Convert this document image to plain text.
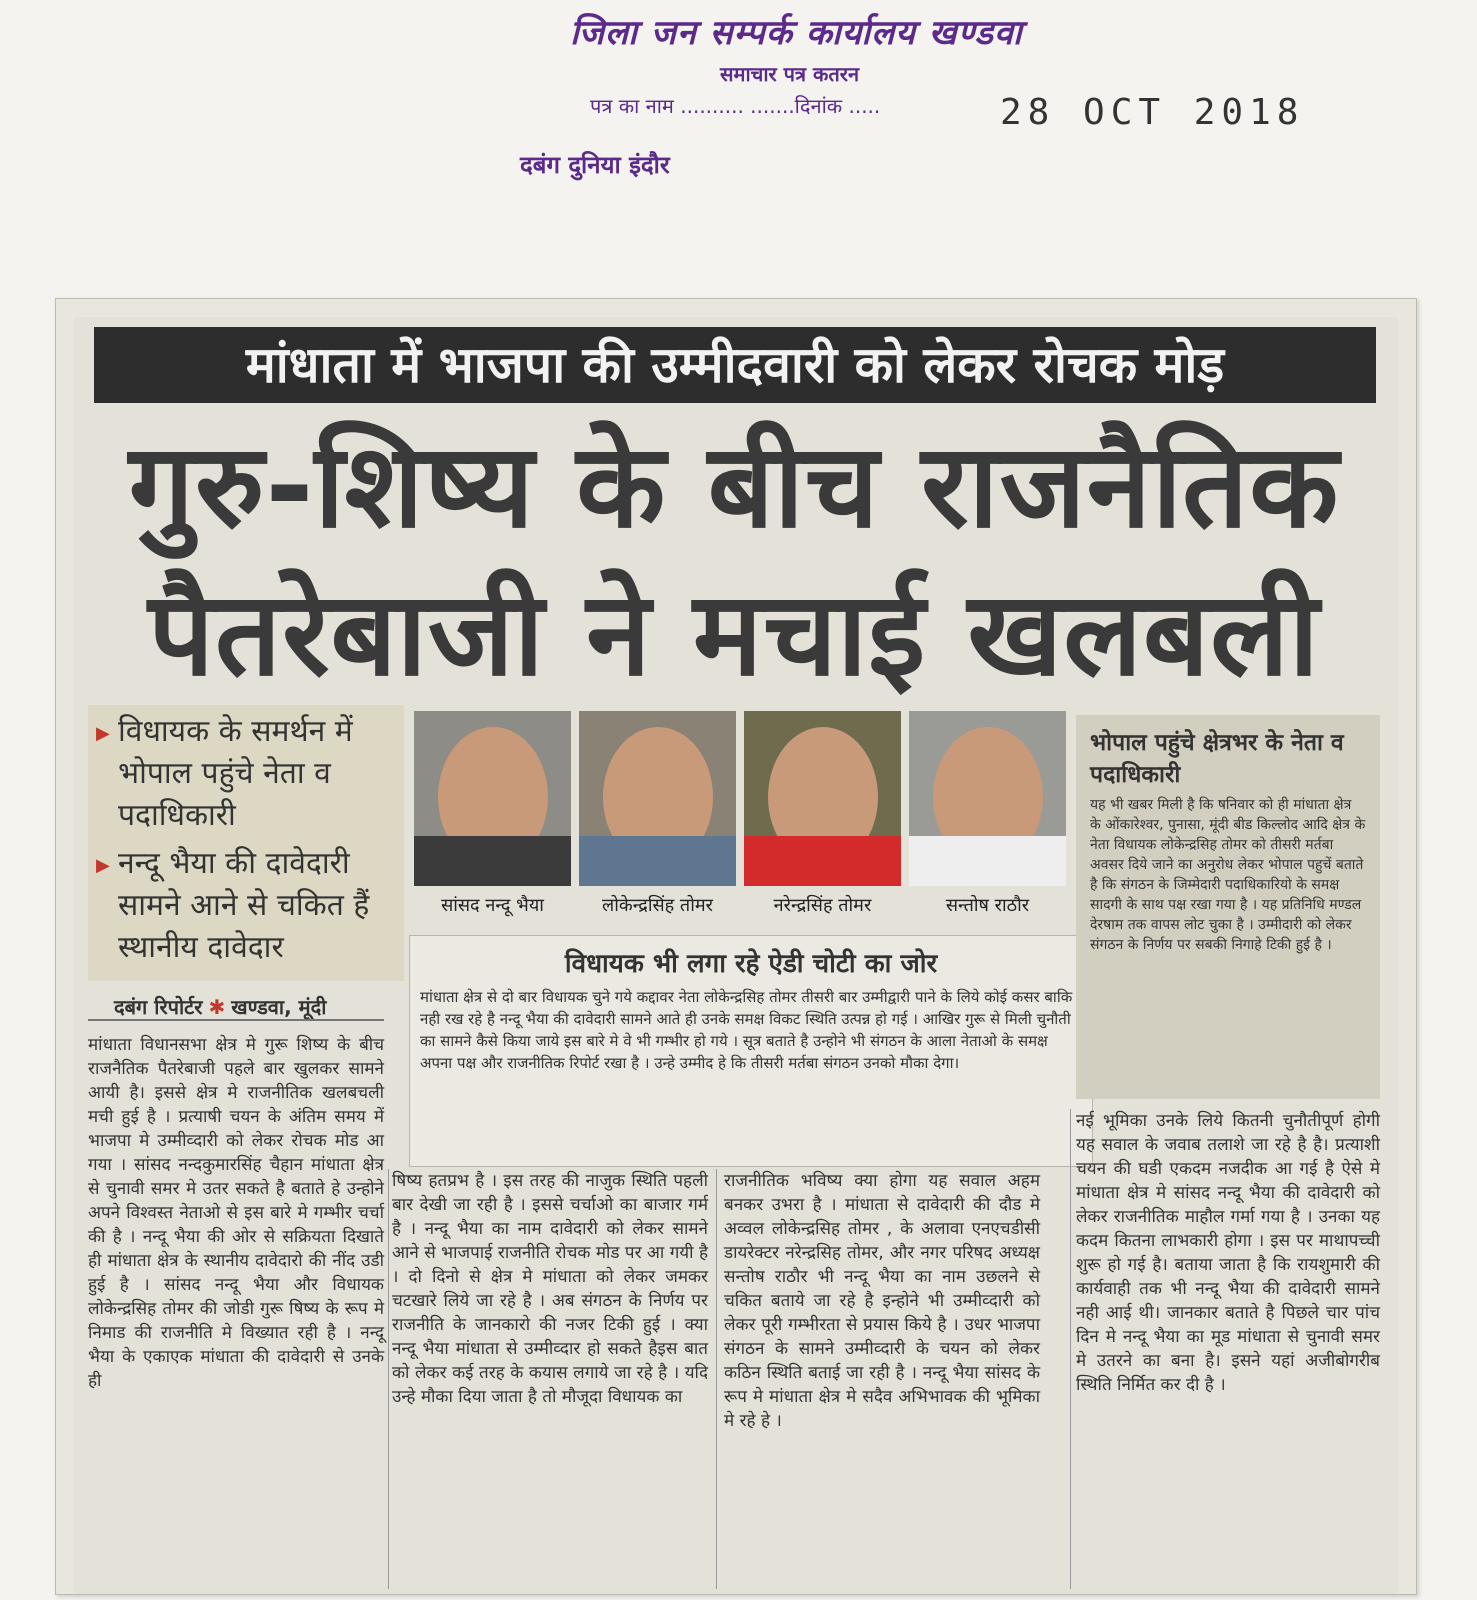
जिला जन सम्पर्क कार्यालय खण्डवा
समाचार पत्र कतरन
पत्र का नाम .......... .......दिनांक .....	28 OCT 2018
दबंग दुनिया इंदौर
मांधाता में भाजपा की उम्मीदवारी को लेकर रोचक मोड़
गुरु-शिष्य के बीच राजनैतिक
पैतरेबाजी ने मचाई खलबली
▶ विधायक के समर्थन में भोपाल पहुंचे नेता व पदाधिकारी
▶ नन्दू भैया की दावेदारी सामने आने से चकित हैं स्थानीय दावेदार
दबंग रिपोर्टर ✱ खण्डवा, मूंदी
सांसद नन्दू भैया	लोकेन्द्रसिंह तोमर	नरेन्द्रसिंह तोमर	सन्तोष राठौर
विधायक भी लगा रहे ऐडी चोटी का जोर

मांधाता क्षेत्र से दो बार विधायक चुने गये कद्दावर नेता लोकेन्द्रसिह तोमर तीसरी बार उम्मीद्वारी पाने के लिये कोई कसर बाकि नही रख रहे है नन्दू भैया की दावेदारी सामने आते ही उनके समक्ष विकट स्थिति उत्पन्न हो गई । आखिर गुरू से मिली चुनौती का सामने कैसे किया जाये इस बारे मे वे भी गम्भीर हो गये । सूत्र बताते है उन्होने भी संगठन के आला नेताओ के समक्ष अपना पक्ष और राजनीतिक रिपोर्ट रखा है । उन्हे उम्मीद हे कि तीसरी मर्तबा संगठन उनको मौका देगा।

भोपाल पहुंचे क्षेत्रभर के नेता व पदाधिकारी

यह भी खबर मिली है कि षनिवार को ही मांधाता क्षेत्र के ओंकारेश्वर, पुनासा, मूंदी बीड किल्लोद आदि क्षेत्र के नेता विधायक लोकेन्द्रसिह तोमर को तीसरी मर्तबा अवसर दिये जाने का अनुरोध लेकर भोपाल पहुचें बताते है कि संगठन के जिम्मेदारी पदाधिकारियो के समक्ष सादगी के साथ पक्ष रखा गया है । यह प्रतिनिधि मण्डल देरषाम तक वापस लोट चुका है । उम्मीदारी को लेकर संगठन के निर्णय पर सबकी निगाहे टिकी हुई है ।

मांधाता विधानसभा क्षेत्र मे गुरू शिष्य के बीच राजनैतिक पैतरेबाजी पहले बार खुलकर सामने आयी है। इससे क्षेत्र मे राजनीतिक खलबचली मची हुई है । प्रत्याषी चयन के अंतिम समय में भाजपा मे उम्मीव्दारी को लेकर रोचक मोड आ गया । सांसद नन्दकुमारसिंह चैहान मांधाता क्षेत्र से चुनावी समर मे उतर सकते है बताते हे उन्होने अपने विश्वस्त नेताओ से इस बारे मे गम्भीर चर्चा की है । नन्दू भैया की ओर से सक्रियता दिखाते ही मांधाता क्षेत्र के स्थानीय दावेदारो की नींद उडी हुई है । सांसद नन्दू भैया और विधायक लोकेन्द्रसिह तोमर की जोडी गुरू षिष्य के रूप मे निमाड की राजनीति मे विख्यात रही है । नन्दू भैया के एकाएक मांधाता की दावेदारी से उनके ही
षिष्य हतप्रभ है । इस तरह की नाजुक स्थिति पहली बार देखी जा रही है । इससे चर्चाओ का बाजार गर्म है । नन्दू भैया का नाम दावेदारी को लेकर सामने आने से भाजपाई राजनीति रोचक मोड पर आ गयी है । दो दिनो से क्षेत्र मे मांधाता को लेकर जमकर चटखारे लिये जा रहे है । अब संगठन के निर्णय पर राजनीति के जानकारो की नजर टिकी हुई । क्या नन्दू भैया मांधाता से उम्मीव्दार हो सकते हैइस बात को लेकर कई तरह के कयास लगाये जा रहे है । यदि उन्हे मौका दिया जाता है तो मौजूदा विधायक का
राजनीतिक भविष्य क्या होगा यह सवाल अहम बनकर उभरा है । मांधाता से दावेदारी की दौड मे अव्वल लोकेन्द्रसिह तोमर , के अलावा एनएचडीसी डायरेक्टर नरेन्द्रसिह तोमर, और नगर परिषद अध्यक्ष सन्तोष राठौर भी नन्दू भैया का नाम उछलने से चकित बताये जा रहे है इन्होने भी उम्मीव्दारी को लेकर पूरी गम्भीरता से प्रयास किये है । उधर भाजपा संगठन के सामने उम्मीव्दारी के चयन को लेकर कठिन स्थिति बताई जा रही है । नन्दू भैया सांसद के रूप मे मांधाता क्षेत्र मे सदैव अभिभावक की भूमिका मे रहे हे ।
नई भूमिका उनके लिये कितनी चुनौतीपूर्ण होगी यह सवाल के जवाब तलाशे जा रहे है है। प्रत्याशी चयन की घडी एकदम नजदीक आ गई है ऐसे मे मांधाता क्षेत्र मे सांसद नन्दू भैया की दावेदारी को लेकर राजनीतिक माहौल गर्मा गया है । उनका यह कदम कितना लाभकारी होगा । इस पर माथापच्ची शुरू हो गई है। बताया जाता है कि रायशुमारी की कार्यवाही तक भी नन्दू भैया की दावेदारी सामने नही आई थी। जानकार बताते है पिछले चार पांच दिन मे नन्दू भैया का मूड मांधाता से चुनावी समर मे उतरने का बना है। इसने यहां अजीबोगरीब स्थिति निर्मित कर दी है ।
